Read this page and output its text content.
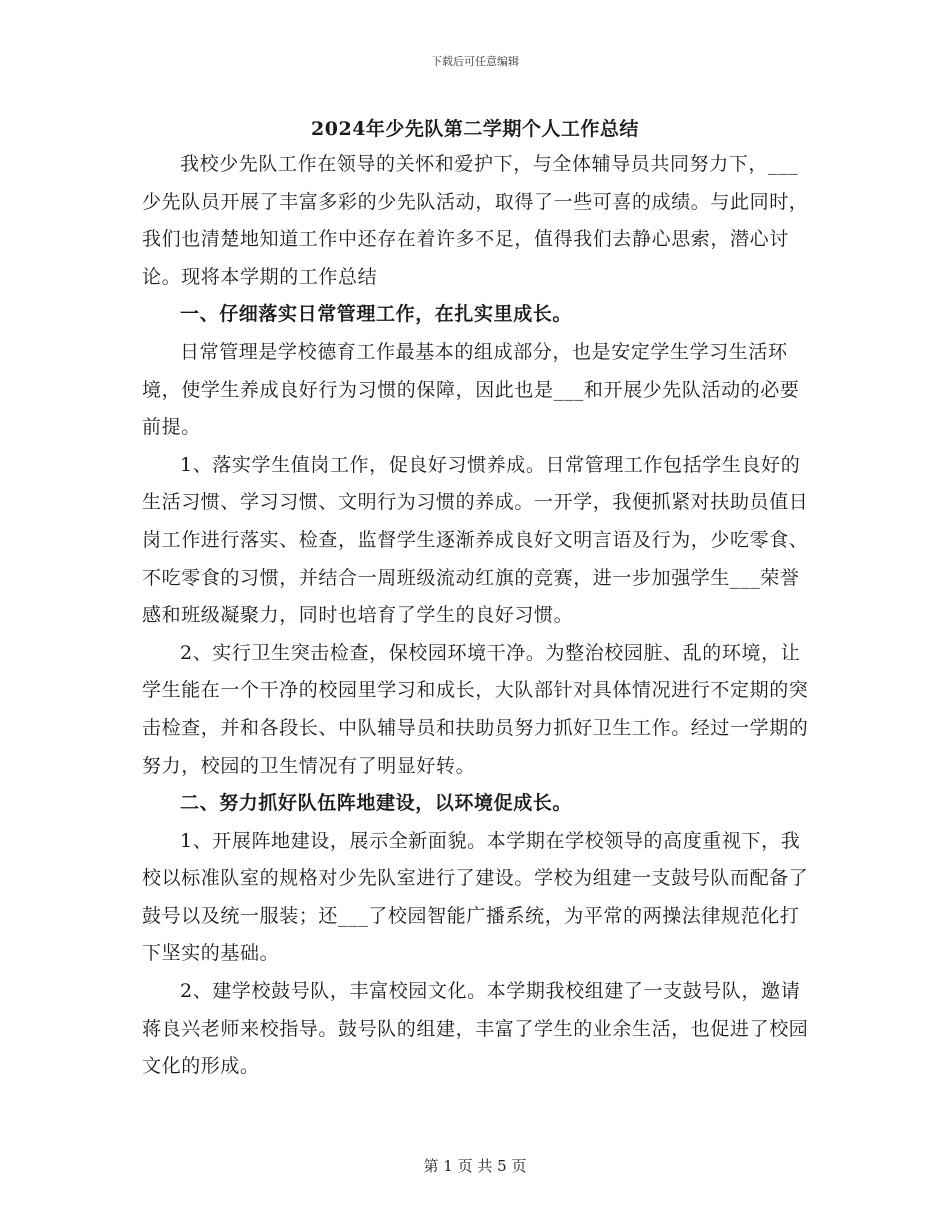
下载后可任意编辑
2024年少先队第二学期个人工作总结

我校少先队工作在领导的关怀和爱护下，与全体辅导员共同努力下，___少先队员开展了丰富多彩的少先队活动，取得了一些可喜的成绩。与此同时，我们也清楚地知道工作中还存在着许多不足，值得我们去静心思索，潜心讨论。现将本学期的工作总结

一、仔细落实日常管理工作，在扎实里成长。

日常管理是学校德育工作最基本的组成部分，也是安定学生学习生活环境，使学生养成良好行为习惯的保障，因此也是___和开展少先队活动的必要前提。

1、落实学生值岗工作，促良好习惯养成。日常管理工作包括学生良好的生活习惯、学习习惯、文明行为习惯的养成。一开学，我便抓紧对扶助员值日岗工作进行落实、检查，监督学生逐渐养成良好文明言语及行为，少吃零食、不吃零食的习惯，并结合一周班级流动红旗的竞赛，进一步加强学生___荣誉感和班级凝聚力，同时也培育了学生的良好习惯。

2、实行卫生突击检查，保校园环境干净。为整治校园脏、乱的环境，让学生能在一个干净的校园里学习和成长，大队部针对具体情况进行不定期的突击检查，并和各段长、中队辅导员和扶助员努力抓好卫生工作。经过一学期的努力，校园的卫生情况有了明显好转。

二、努力抓好队伍阵地建设，以环境促成长。

1、开展阵地建设，展示全新面貌。本学期在学校领导的高度重视下，我校以标准队室的规格对少先队室进行了建设。学校为组建一支鼓号队而配备了鼓号以及统一服装；还___了校园智能广播系统，为平常的两操法律规范化打下坚实的基础。

2、建学校鼓号队，丰富校园文化。本学期我校组建了一支鼓号队，邀请蒋良兴老师来校指导。鼓号队的组建，丰富了学生的业余生活，也促进了校园文化的形成。

第 1 页 共 5 页
